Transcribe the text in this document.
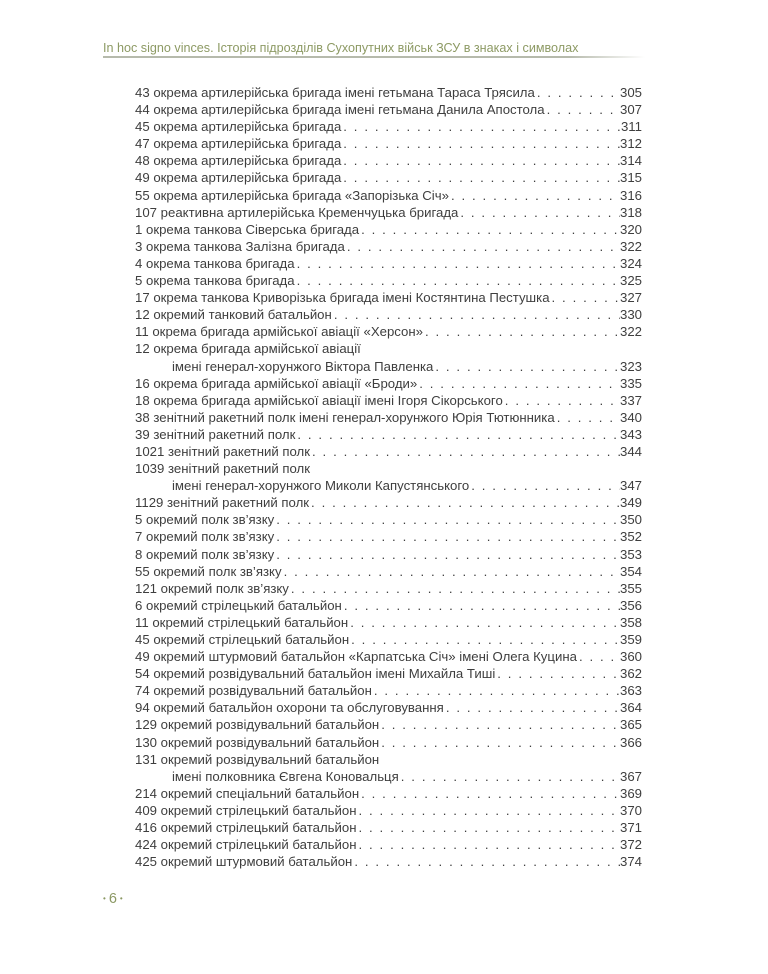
In hoc signo vinces. Історія підрозділів Сухопутних військ ЗСУ в знаках і символах
43 окрема артилерійська бригада імені гетьмана Тараса Трясила . . .	305
44 окрема артилерійська бригада імені гетьмана Данила Апостола . . .	307
45 окрема артилерійська бригада . . .	311
47 окрема артилерійська бригада . . .	312
48 окрема артилерійська бригада . . .	314
49 окрема артилерійська бригада . . .	315
55 окрема артилерійська бригада «Запорізька Січ» . . .	316
107 реактивна артилерійська Кременчуцька бригада . . .	318
1 окрема танкова Сіверська бригада . . .	320
3 окрема танкова Залізна бригада . . .	322
4 окрема танкова бригада . . .	324
5 окрема танкова бригада . . .	325
17 окрема танкова Криворізька бригада імені Костянтина Пестушка . . .	327
12 окремий танковий батальйон . . .	330
11 окрема бригада армійської авіації «Херсон» . . .	322
12 окрема бригада армійської авіації
імені генерал-хорунжого Віктора Павленка . . .	323
16 окрема бригада армійської авіації «Броди» . . .	335
18 окрема бригада армійської авіації імені Ігоря Сікорського . . .	337
38 зенітний ракетний полк імені генерал-хорунжого Юрія Тютюнника . . .	340
39 зенітний ракетний полк . . .	343
1021 зенітний ракетний полк . . .	344
1039 зенітний ракетний полк
імені генерал-хорунжого Миколи Капустянського . . .	347
1129 зенітний ракетний полк . . .	349
5 окремий полк зв’язку . . .	350
7 окремий полк зв’язку . . .	352
8 окремий полк зв’язку . . .	353
55 окремий полк зв’язку . . .	354
121 окремий полк зв’язку . . .	355
6 окремий стрілецький батальйон . . .	356
11 окремий стрілецький батальйон . . .	358
45 окремий стрілецький батальйон . . .	359
49 окремий штурмовий батальйон «Карпатська Січ» імені Олега Куцина . . .	360
54 окремий розвідувальний батальйон імені Михайла Тиші . . .	362
74 окремий розвідувальний батальйон . . .	363
94 окремий батальйон охорони та обслуговування . . .	364
129 окремий розвідувальний батальйон . . .	365
130 окремий розвідувальний батальйон . . .	366
131 окремий розвідувальний батальйон
імені полковника Євгена Коновальця . . .	367
214 окремий спеціальний батальйон . . .	369
409 окремий стрілецький батальйон . . .	370
416 окремий стрілецький батальйон . . .	371
424 окремий стрілецький батальйон . . .	372
425 окремий штурмовий батальйон . . .	374
• 6
•
